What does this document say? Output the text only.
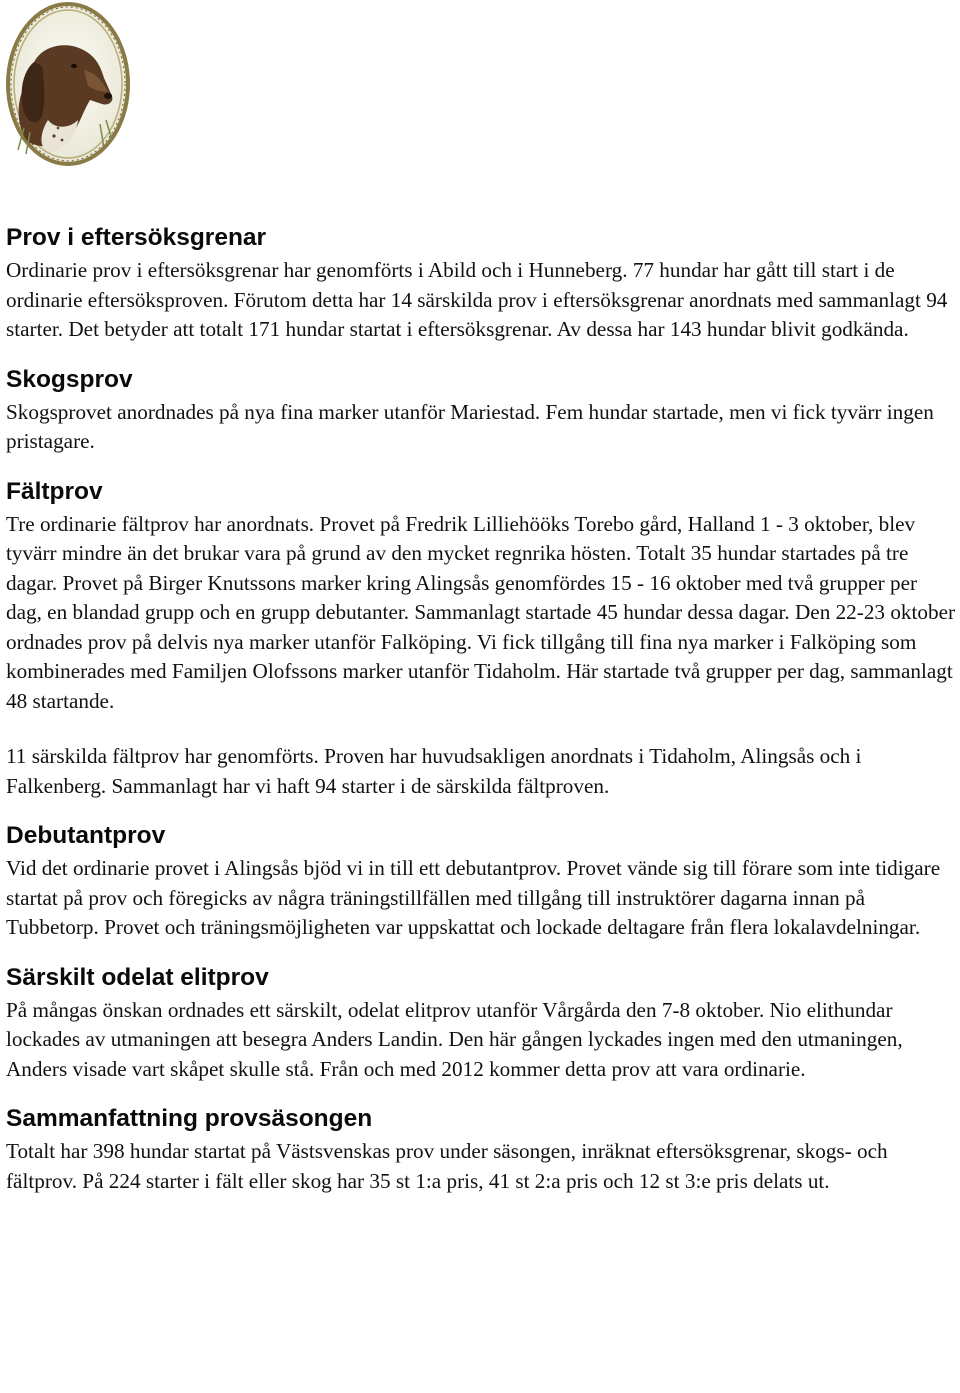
Prov i eftersöksgrenar

Ordinarie prov i eftersöksgrenar har genomförts i Abild och i Hunneberg. 77 hundar har gått till start i de ordinarie eftersöksproven. Förutom detta har 14 särskilda prov i eftersöksgrenar anordnats med sammanlagt 94 starter. Det betyder att totalt 171 hundar startat i eftersöksgrenar. Av dessa har 143 hundar blivit godkända.

Skogsprov

Skogsprovet anordnades på nya fina marker utanför Mariestad. Fem hundar startade, men vi fick tyvärr ingen pristagare.

Fältprov

Tre ordinarie fältprov har anordnats. Provet på Fredrik Lilliehööks Torebo gård, Halland 1 - 3 oktober, blev tyvärr mindre än det brukar vara på grund av den mycket regnrika hösten. Totalt 35 hundar startades på tre dagar. Provet på Birger Knutssons marker kring Alingsås genomfördes 15 - 16 oktober med två grupper per dag, en blandad grupp och en grupp debutanter. Sammanlagt startade 45 hundar dessa dagar. Den 22-23 oktober ordnades prov på delvis nya marker utanför Falköping. Vi fick tillgång till fina nya marker i Falköping som kombinerades med Familjen Olofssons marker utanför Tidaholm. Här startade två grupper per dag, sammanlagt 48 startande.

11 särskilda fältprov har genomförts. Proven har huvudsakligen anordnats i Tidaholm, Alingsås och i Falkenberg. Sammanlagt har vi haft 94 starter i de särskilda fältproven.

Debutantprov

Vid det ordinarie provet i Alingsås bjöd vi in till ett debutantprov. Provet vände sig till förare som inte tidigare startat på prov och föregicks av några träningstillfällen med tillgång till instruktörer dagarna innan på Tubbetorp. Provet och träningsmöjligheten var uppskattat och lockade deltagare från flera lokalavdelningar.

Särskilt odelat elitprov

På mångas önskan ordnades ett särskilt, odelat elitprov utanför Vårgårda den 7-8 oktober. Nio elithundar lockades av utmaningen att besegra Anders Landin. Den här gången lyckades ingen med den utmaningen, Anders visade vart skåpet skulle stå. Från och med 2012 kommer detta prov att vara ordinarie.

Sammanfattning provsäsongen

Totalt har 398 hundar startat på Västsvenskas prov under säsongen, inräknat eftersöksgrenar, skogs- och fältprov. På 224 starter i fält eller skog har 35 st 1:a pris, 41 st 2:a pris och 12 st 3:e pris delats ut.
